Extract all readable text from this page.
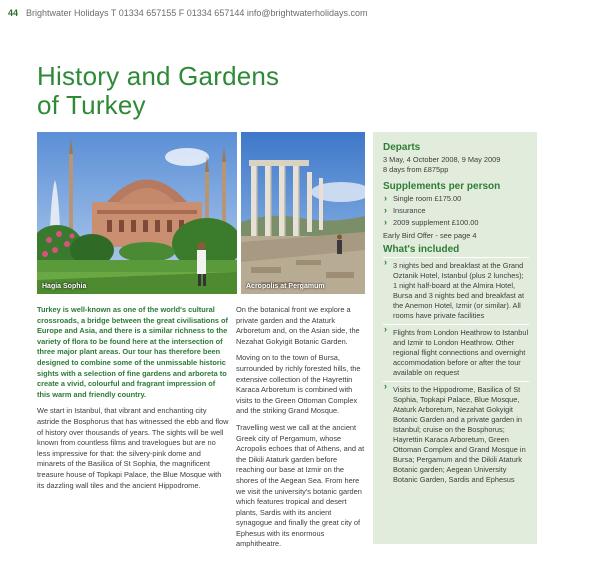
44 Brightwater Holidays T 01334 657155 F 01334 657144 info@brightwaterholidays.com
History and Gardens
of Turkey
Hagia Sophia	Acropolis at Pergamum

Turkey is well-known as one of the world's cultural crossroads, a bridge between the great civilisations of Europe and Asia, and there is a similar richness to the variety of flora to be found here at the intersection of three major plant areas. Our tour has therefore been designed to combine some of the unmissable historic sights with a selection of fine gardens and arboreta to create a vivid, colourful and fragrant impression of this warm and friendly country.

We start in Istanbul, that vibrant and enchanting city astride the Bosphorus that has witnessed the ebb and flow of history over thousands of years. The sights will be well known from countless films and travelogues but are no less impressive for that: the silvery-pink dome and minarets of the Basilica of St Sophia, the magnificent treasure house of Topkapi Palace, the Blue Mosque with its dazzling wall tiles and the ancient Hippodrome.

On the botanical front we explore a private garden and the Ataturk Arboretum and, on the Asian side, the Nezahat Gokyigit Botanic Garden.

Moving on to the town of Bursa, surrounded by richly forested hills, the extensive collection of the Hayrettin Karaca Arboretum is combined with visits to the Green Ottoman Complex and the striking Grand Mosque.

Travelling west we call at the ancient Greek city of Pergamum, whose Acropolis echoes that of Athens, and at the Dikili Ataturk garden before reaching our base at Izmir on the shores of the Aegean Sea. From here we visit the university's botanic garden which features tropical and desert plants, Sardis with its ancient synagogue and finally the great city of Ephesus with its enormous amphitheatre.

Departs
3 May, 4 October 2008, 9 May 2009
8 days from £875pp
Supplements per person
› Single room £175.00
› Insurance
› 2009 supplement £100.00
Early Bird Offer - see page 4
What's included
› 3 nights bed and breakfast at the Grand Oztanik Hotel, Istanbul (plus 2 lunches); 1 night half-board at the Almira Hotel, Bursa and 3 nights bed and breakfast at the Anemon Hotel, Izmir (or similar). All rooms have private facilities
› Flights from London Heathrow to Istanbul and Izmir to London Heathrow. Other regional flight connections and overnight accommodation before or after the tour available on request
› Visits to the Hippodrome, Basilica of St Sophia, Topkapi Palace, Blue Mosque, Ataturk Arboretum, Nezahat Gokyigit Botanic Garden and a private garden in Istanbul; cruise on the Bosphorus; Hayrettin Karaca Arboretum, Green Ottoman Complex and Grand Mosque in Bursa; Pergamum and the Dikili Ataturk Botanic garden; Aegean University Botanic Garden, Sardis and Ephesus
